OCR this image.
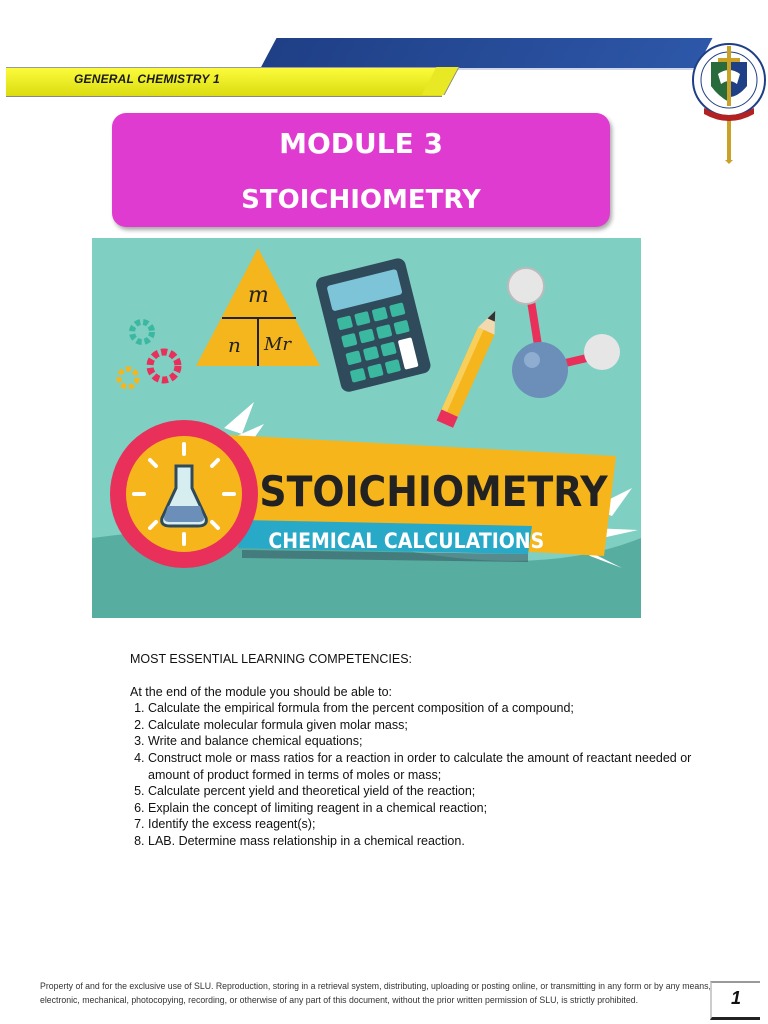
GENERAL CHEMISTRY 1
MODULE 3
STOICHIOMETRY
m
n Mr
STOICHIOMETRY
CHEMICAL CALCULATIONS

MOST ESSENTIAL LEARNING COMPETENCIES:

At the end of the module you should be able to:

1. Calculate the empirical formula from the percent composition of a compound;
2. Calculate molecular formula given molar mass;
3. Write and balance chemical equations;
4. Construct mole or mass ratios for a reaction in order to calculate the amount of reactant needed or amount of product formed in terms of moles or mass;
5. Calculate percent yield and theoretical yield of the reaction;
6. Explain the concept of limiting reagent in a chemical reaction;
7. Identify the excess reagent(s);
8. LAB. Determine mass relationship in a chemical reaction.
Property of and for the exclusive use of SLU. Reproduction, storing in a retrieval system, distributing, uploading or posting online, or transmitting in any form or by any means, electronic, mechanical, photocopying, recording, or otherwise of any part of this document, without the prior written permission of SLU, is strictly prohibited.	1
